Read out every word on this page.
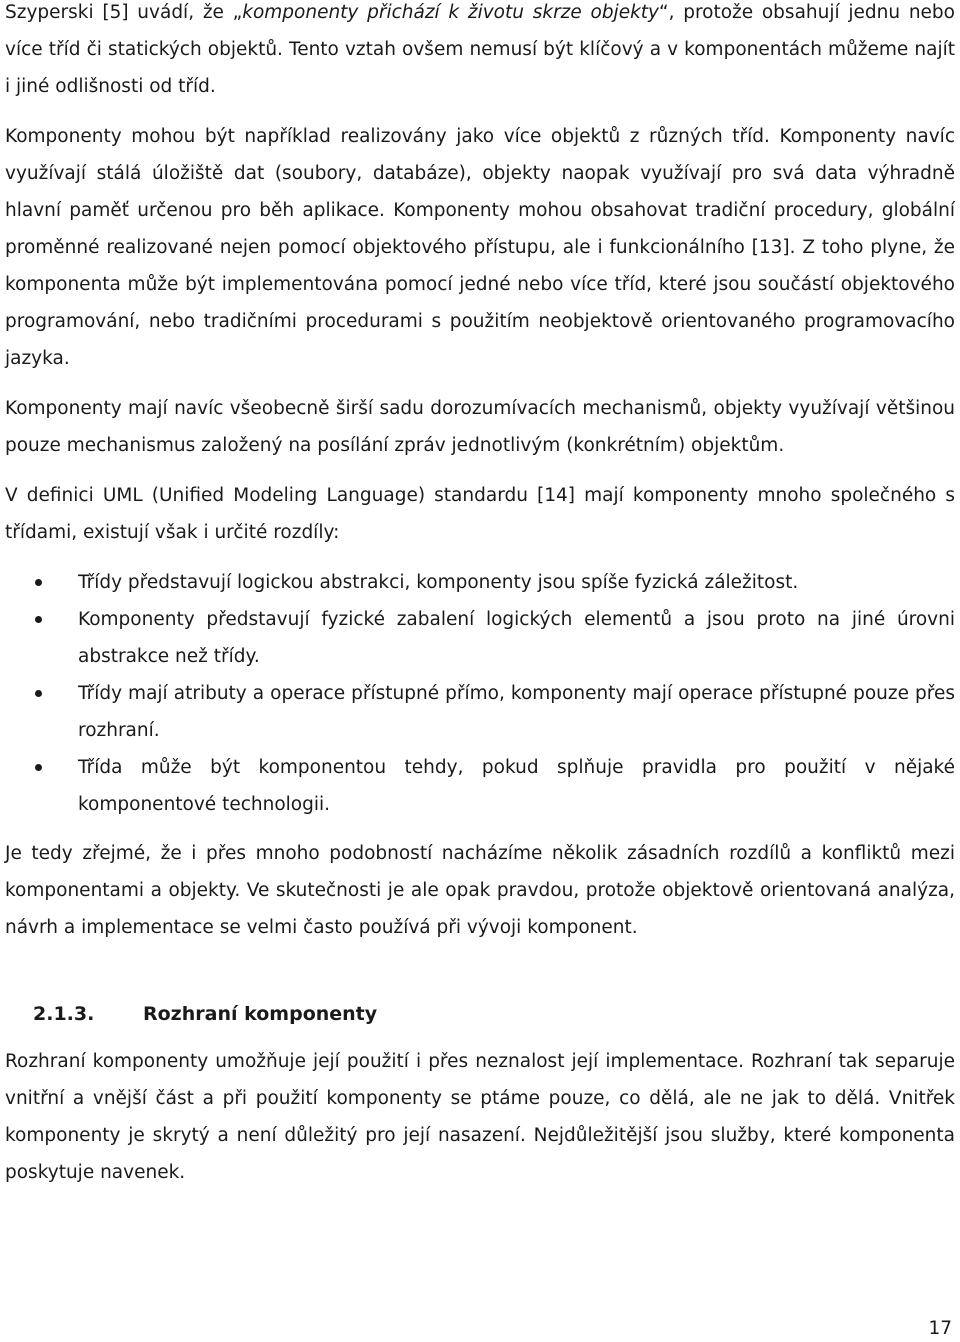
Szyperski [5] uvádí, že „komponenty přichází k životu skrze objekty“, protože obsahují jednu nebo více tříd či statických objektů. Tento vztah ovšem nemusí být klíčový a v komponentách můžeme najít i jiné odlišnosti od tříd.

Komponenty mohou být například realizovány jako více objektů z různých tříd. Komponenty navíc využívají stálá úložiště dat (soubory, databáze), objekty naopak využívají pro svá data výhradně hlavní paměť určenou pro běh aplikace. Komponenty mohou obsahovat tradiční procedury, globální proměnné realizované nejen pomocí objektového přístupu, ale i funkcionálního [13]. Z toho plyne, že komponenta může být implementována pomocí jedné nebo více tříd, které jsou součástí objektového programování, nebo tradičními procedurami s použitím neobjektově orientovaného programovacího jazyka.

Komponenty mají navíc všeobecně širší sadu dorozumívacích mechanismů, objekty využívají většinou pouze mechanismus založený na posílání zpráv jednotlivým (konkrétním) objektům.

V definici UML (Unified Modeling Language) standardu [14] mají komponenty mnoho společného s třídami, existují však i určité rozdíly:

Třídy představují logickou abstrakci, komponenty jsou spíše fyzická záležitost.
Komponenty představují fyzické zabalení logických elementů a jsou proto na jiné úrovni abstrakce než třídy.
Třídy mají atributy a operace přístupné přímo, komponenty mají operace přístupné pouze přes rozhraní.
Třída může být komponentou tehdy, pokud splňuje pravidla pro použití v nějaké komponentové technologii.

Je tedy zřejmé, že i přes mnoho podobností nacházíme několik zásadních rozdílů a konfliktů mezi komponentami a objekty. Ve skutečnosti je ale opak pravdou, protože objektově orientovaná analýza, návrh a implementace se velmi často používá při vývoji komponent.

2.1.3.	Rozhraní komponenty

Rozhraní komponenty umožňuje její použití i přes neznalost její implementace. Rozhraní tak separuje vnitřní a vnější část a při použití komponenty se ptáme pouze, co dělá, ale ne jak to dělá. Vnitřek komponenty je skrytý a není důležitý pro její nasazení. Nejdůležitější jsou služby, které komponenta poskytuje navenek.

17
